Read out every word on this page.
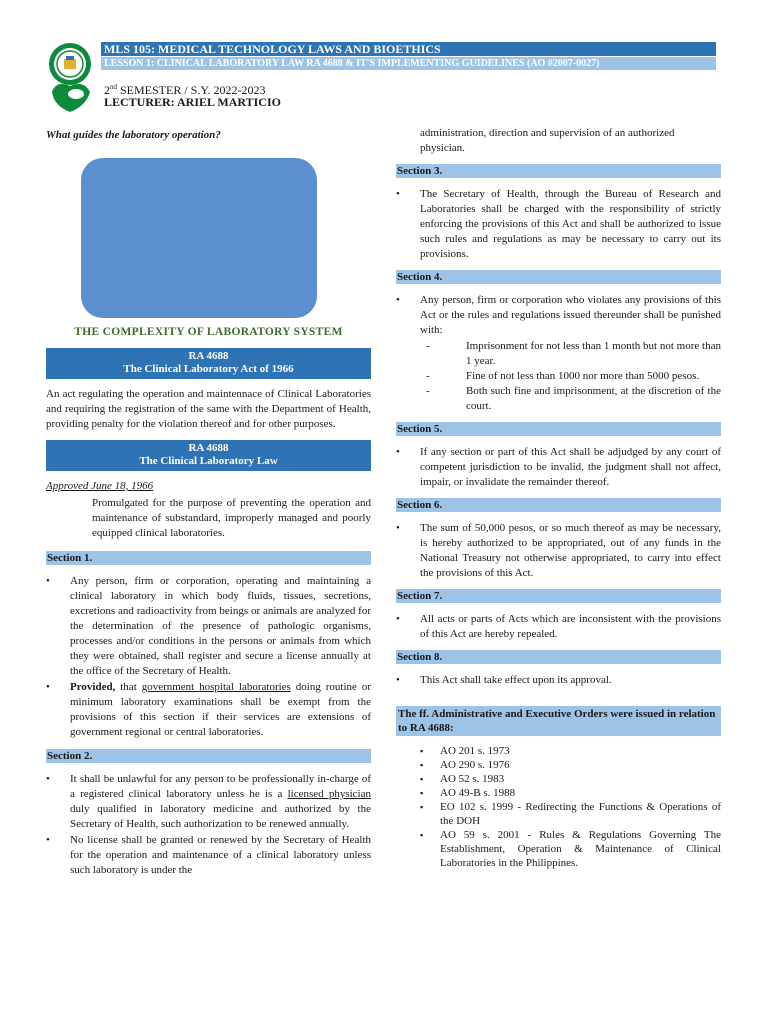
MLS 105: MEDICAL TECHNOLOGY LAWS AND BIOETHICS
LESSON 1: CLINICAL LABORATORY LAW RA 4688 & IT'S IMPLEMENTING GUIDELINES (AO #2007-0027)
2nd SEMESTER / S.Y. 2022-2023
LECTURER: ARIEL MARTICIO
What guides the laboratory operation?
THE COMPLEXITY OF LABORATORY SYSTEM
RA 4688
The Clinical Laboratory Act of 1966
An act regulating the operation and maintennace of Clinical Laboratories and requiring the registration of the same with the Department of Health, providing penalty for the violation thereof and for other purposes.
RA 4688
The Clinical Laboratory Law
Approved June 18, 1966
Promulgated for the purpose of preventing the operation and maintenance of substandard, improperly managed and poorly equipped clinical laboratories.
Section 1.
• Any person, firm or corporation, operating and maintaining a clinical laboratory in which body fluids, tissues, secretions, excretions and radioactivity from beings or animals are analyzed for the determination of the presence of pathologic organisms, processes and/or conditions in the persons or animals from which they were obtained, shall register and secure a license annually at the office of the Secretary of Health.
• Provided, that government hospital laboratories doing routine or minimum laboratory examinations shall be exempt from the provisions of this section if their services are extensions of government regional or central laboratories.
Section 2.
• It shall be unlawful for any person to be professionally in-charge of a registered clinical laboratory unless he is a licensed physician duly qualified in laboratory medicine and authorized by the Secretary of Health, such authorization to be renewed annually.
• No license shall be granted or renewed by the Secretary of Health for the operation and maintenance of a clinical laboratory unless such laboratory is under the
administration, direction and supervision of an authorized physician.
Section 3.
• The Secretary of Health, through the Bureau of Research and Laboratories shall be charged with the responsibility of strictly enforcing the provisions of this Act and shall be authorized to issue such rules and regulations as may be necessary to carry out its provisions.
Section 4.
• Any person, firm or corporation who violates any provisions of this Act or the rules and regulations issued thereunder shall be punished with:
-	Imprisonment for not less than 1 month but not more than 1 year.
-	Fine of not less than 1000 nor more than 5000 pesos.
-	Both such fine and imprisonment, at the discretion of the court.
Section 5.
• If any section or part of this Act shall be adjudged by any court of competent jurisdiction to be invalid, the judgment shall not affect, impair, or invalidate the remainder thereof.
Section 6.
• The sum of 50,000 pesos, or so much thereof as may be necessary, is hereby authorized to be appropriated, out of any funds in the National Treasury not otherwise appropriated, to carry into effect the provisions of this Act.
Section 7.
• All acts or parts of Acts which are inconsistent with the provisions of this Act are hereby repealed.
Section 8.
• This Act shall take effect upon its approval.
The ff. Administrative and Executive Orders were issued in relation to RA 4688:
▪ AO 201 s. 1973
▪ AO 290 s. 1976
▪ AO 52 s. 1983
▪ AO 49-B s. 1988
▪ EO 102 s. 1999 - Redirecting the Functions & Operations of the DOH
▪ AO 59 s. 2001 - Rules & Regulations Governing The Establishment, Operation & Maintenance of Clinical Laboratories in the Philippines.
